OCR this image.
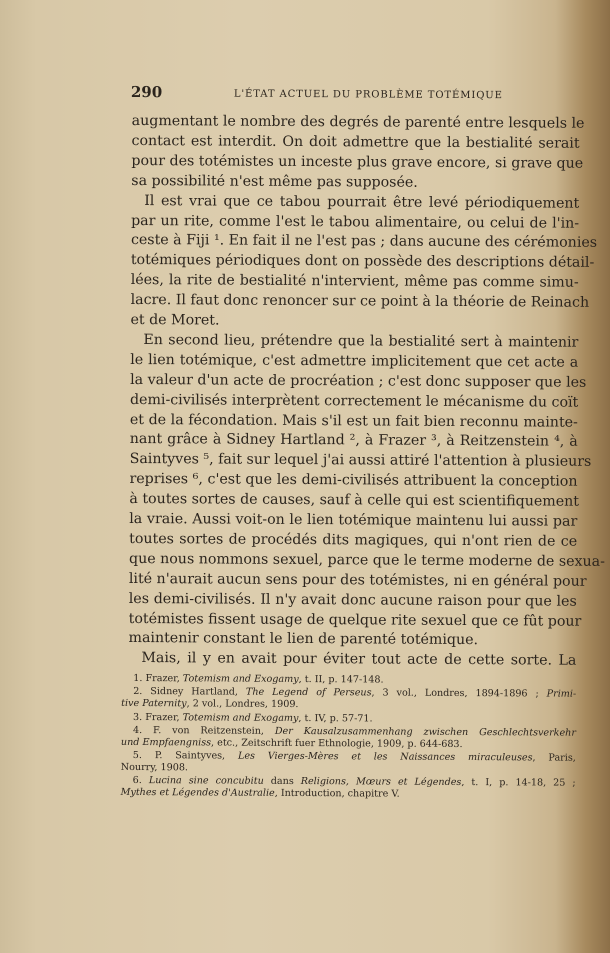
290	L'ÉTAT ACTUEL DU PROBLÈME TOTÉMIQUE
augmentant le nombre des degrés de parenté entre lesquels le
contact est interdit. On doit admettre que la bestialité serait
pour des totémistes un inceste plus grave encore, si grave que
sa possibilité n'est même pas supposée.
Il est vrai que ce tabou pourrait être levé périodiquement
par un rite, comme l'est le tabou alimentaire, ou celui de l'in-
ceste à Fiji ¹. En fait il ne l'est pas ; dans aucune des cérémonies
totémiques périodiques dont on possède des descriptions détail-
lées, la rite de bestialité n'intervient, même pas comme simu-
lacre. Il faut donc renoncer sur ce point à la théorie de Reinach
et de Moret.
En second lieu, prétendre que la bestialité sert à maintenir
le lien totémique, c'est admettre implicitement que cet acte a
la valeur d'un acte de procréation ; c'est donc supposer que les
demi-civilisés interprètent correctement le mécanisme du coït
et de la fécondation. Mais s'il est un fait bien reconnu mainte-
nant grâce à Sidney Hartland ², à Frazer ³, à Reitzenstein ⁴, à
Saintyves ⁵, fait sur lequel j'ai aussi attiré l'attention à plusieurs
reprises ⁶, c'est que les demi-civilisés attribuent la conception
à toutes sortes de causes, sauf à celle qui est scientifiquement
la vraie. Aussi voit-on le lien totémique maintenu lui aussi par
toutes sortes de procédés dits magiques, qui n'ont rien de ce
que nous nommons sexuel, parce que le terme moderne de sexua-
lité n'aurait aucun sens pour des totémistes, ni en général pour
les demi-civilisés. Il n'y avait donc aucune raison pour que les
totémistes fissent usage de quelque rite sexuel que ce fût pour
maintenir constant le lien de parenté totémique.
Mais, il y en avait pour éviter tout acte de cette sorte. La
1. Frazer, Totemism and Exogamy, t. II, p. 147-148.
2. Sidney Hartland, The Legend of Perseus, 3 vol., Londres, 1894-1896 ; Primi-
tive Paternity, 2 vol., Londres, 1909.
3. Frazer, Totemism and Exogamy, t. IV, p. 57-71.
4. F. von Reitzenstein, Der Kausalzusammenhang zwischen Geschlechtsverkehr
und Empfaengniss, etc., Zeitschrift fuer Ethnologie, 1909, p. 644-683.
5. P. Saintyves, Les Vierges-Mères et les Naissances miraculeuses, Paris,
Nourry, 1908.
6. Lucina sine concubitu dans Religions, Mœurs et Légendes, t. I, p. 14-18, 25 ;
Mythes et Légendes d'Australie, Introduction, chapitre V.
